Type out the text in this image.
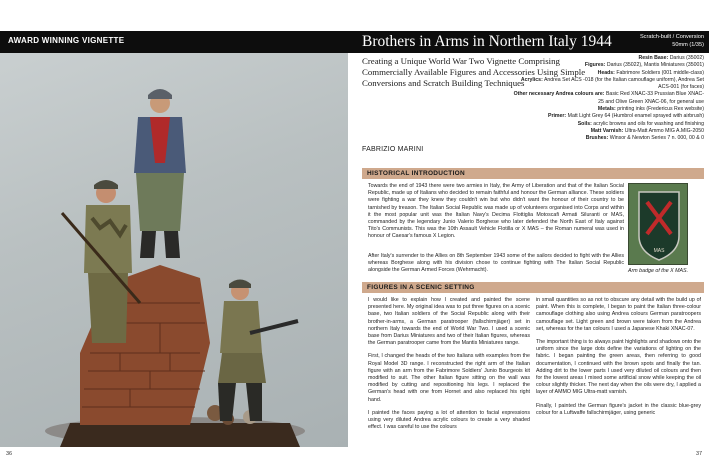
AWARD WINNING VIGNETTE	Brothers in Arms in Northern Italy 1944	Scratch-built / Conversion
50mm (1/35)
36	37
Creating a Unique World War Two Vignette Comprising Commercially Available Figures and Accessories Using Simple Conversions and Scratch Building Techniques
FABRIZIO MARINI
Resin Base: Darius (35002)
Figures: Darius (35022), Mantis Miniatures (35001)
Heads: Fabrimore Soldiers (001 middle-class)
Acrylics: Andrea Set ACS -018 (for the Italian camouflage uniform), Andrea Set ACS-001 (for faces)
Other necessary Andrea colours are: Basic Red XNAC-33 Prussian Blue XNAC-25 and Olive Green XNAC-06, for general use
Metals: printing inks (Fredericus Rex website)
Primer: Matt Light Grey 64 (Humbrol enamel sprayed with airbrush)
Soils: acrylic browns and oils for washing and finishing
Matt Varnish: Ultra-Matt Ammo MIG A.MIG-2050
Brushes: Winsor & Newton Series 7 n. 000, 00 & 0
HISTORICAL INTRODUCTION
Towards the end of 1943 there were two armies in Italy, the Army of Liberation and that of the Italian Social Republic, made up of Italians who decided to remain faithful and honour the German alliance. These soldiers were fighting a war they knew they couldn't win but who didn't want the honour of their country to be tarnished by treason. The Italian Social Republic was made up of volunteers organised into Corps and within it the most popular unit was the Italian Navy's Decima Flottiglia Motoscafi Armati Siluranti or MAS, commanded by the legendary Junio Valerio Borghese who later defended the North East of Italy against Tito's Communists. This was the 10th Assault Vehicle Flotilla or X MAS – the Roman numeral was used in honour of Caesar's famous X Legion.
After Italy's surrender to the Allies on 8th September 1943 some of the sailors decided to fight with the Allies whereas Borghese along with his division chose to continue fighting with The Italian Social Republic alongside the German Armed Forces (Wehrmacht).
MAS
Arm badge of the X MAS.
FIGURES IN A SCENIC SETTING

I would like to explain how I created and painted the scene presented here. My original idea was to put three figures on a scenic base, two Italian soldiers of the Social Republic along with their brother-in-arms, a German paratrooper (fallschirmjäger) set in northern Italy towards the end of World War Two. I used a scenic base from Darius Miniatures and two of their Italian figures, whereas the German paratrooper came from the Mantis Miniatures range.

First, I changed the heads of the two Italians with examples from the Royal Model 3D range. I reconstructed the right arm of the Italian figure with an arm from the Fabrimore Soldiers' Junio Bourgeois kit modified to suit. The other Italian figure sitting on the wall was modified by cutting and repositioning his legs. I replaced the German's head with one from Hornet and also replaced his right hand.

I painted the faces paying a lot of attention to facial expressions using very diluted Andrea acrylic colours to create a very shaded effect. I was careful to use the colours

in small quantities so as not to obscure any detail with the build up of paint. When this is complete, I began to paint the Italian three-colour camouflage clothing also using Andrea colours German paratroopers camouflage set. Light green and brown were taken from the Andrea set, whereas for the tan colours I used a Japanese Khaki XNAC-07.

The important thing is to always paint highlights and shadows onto the uniform since the large dots define the variations of lighting on the fabric. I began painting the green areas, then referring to good documentation, I continued with the brown spots and finally the tan. Adding dirt to the lower parts I used very diluted oil colours and then for the lowest areas I mixed some artificial snow while keeping the oil colour slightly thicker. The next day when the oils were dry, I applied a layer of AMMO MIG Ultra-matt varnish.

Finally, I painted the German figure's jacket in the classic blue-grey colour for a Luftwaffe fallschirmjäger, using generic
